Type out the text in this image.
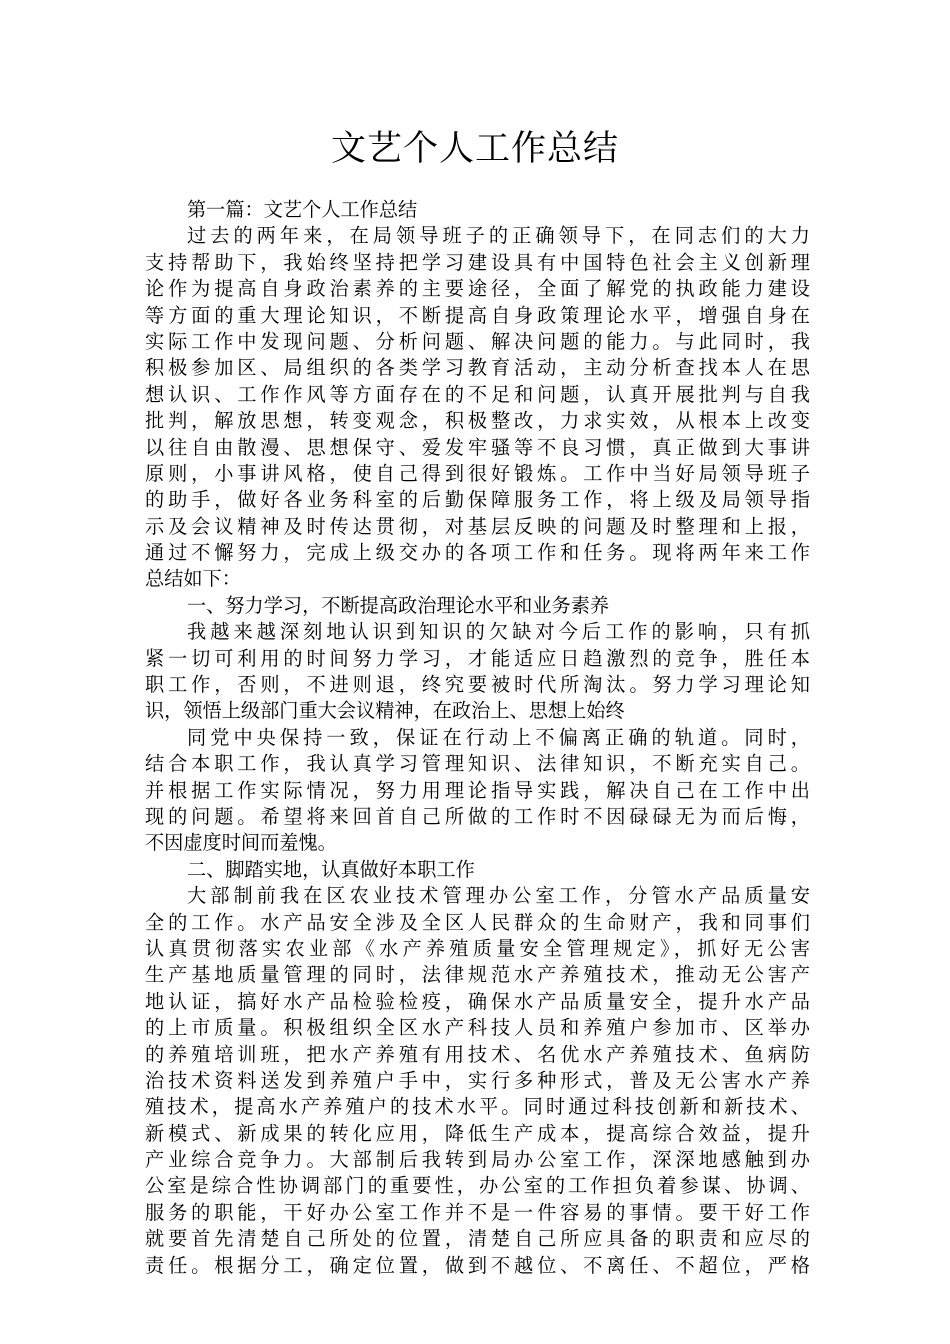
文艺个人工作总结
第一篇：文艺个人工作总结
过去的两年来，在局领导班子的正确领导下，在同志们的大力
支持帮助下，我始终坚持把学习建设具有中国特色社会主义创新理
论作为提高自身政治素养的主要途径，全面了解党的执政能力建设
等方面的重大理论知识，不断提高自身政策理论水平，增强自身在
实际工作中发现问题、分析问题、解决问题的能力。与此同时，我
积极参加区、局组织的各类学习教育活动，主动分析查找本人在思
想认识、工作作风等方面存在的不足和问题，认真开展批判与自我
批判，解放思想，转变观念，积极整改，力求实效，从根本上改变
以往自由散漫、思想保守、爱发牢骚等不良习惯，真正做到大事讲
原则，小事讲风格，使自己得到很好锻炼。工作中当好局领导班子
的助手，做好各业务科室的后勤保障服务工作，将上级及局领导指
示及会议精神及时传达贯彻，对基层反映的问题及时整理和上报，
通过不懈努力，完成上级交办的各项工作和任务。现将两年来工作
总结如下：
一、努力学习，不断提高政治理论水平和业务素养
我越来越深刻地认识到知识的欠缺对今后工作的影响，只有抓
紧一切可利用的时间努力学习，才能适应日趋激烈的竞争，胜任本
职工作，否则，不进则退，终究要被时代所淘汰。努力学习理论知
识，领悟上级部门重大会议精神，在政治上、思想上始终
同党中央保持一致，保证在行动上不偏离正确的轨道。同时，
结合本职工作，我认真学习管理知识、法律知识，不断充实自己。
并根据工作实际情况，努力用理论指导实践，解决自己在工作中出
现的问题。希望将来回首自己所做的工作时不因碌碌无为而后悔，
不因虚度时间而羞愧。
二、脚踏实地，认真做好本职工作
大部制前我在区农业技术管理办公室工作，分管水产品质量安
全的工作。水产品安全涉及全区人民群众的生命财产，我和同事们
认真贯彻落实农业部《水产养殖质量安全管理规定》，抓好无公害
生产基地质量管理的同时，法律规范水产养殖技术，推动无公害产
地认证，搞好水产品检验检疫，确保水产品质量安全，提升水产品
的上市质量。积极组织全区水产科技人员和养殖户参加市、区举办
的养殖培训班，把水产养殖有用技术、名优水产养殖技术、鱼病防
治技术资料送发到养殖户手中，实行多种形式，普及无公害水产养
殖技术，提高水产养殖户的技术水平。同时通过科技创新和新技术、
新模式、新成果的转化应用，降低生产成本，提高综合效益，提升
产业综合竞争力。大部制后我转到局办公室工作，深深地感触到办
公室是综合性协调部门的重要性，办公室的工作担负着参谋、协调、
服务的职能，干好办公室工作并不是一件容易的事情。要干好工作
就要首先清楚自己所处的位置，清楚自己所应具备的职责和应尽的
责任。根据分工，确定位置，做到不越位、不离任、不超位，严格
